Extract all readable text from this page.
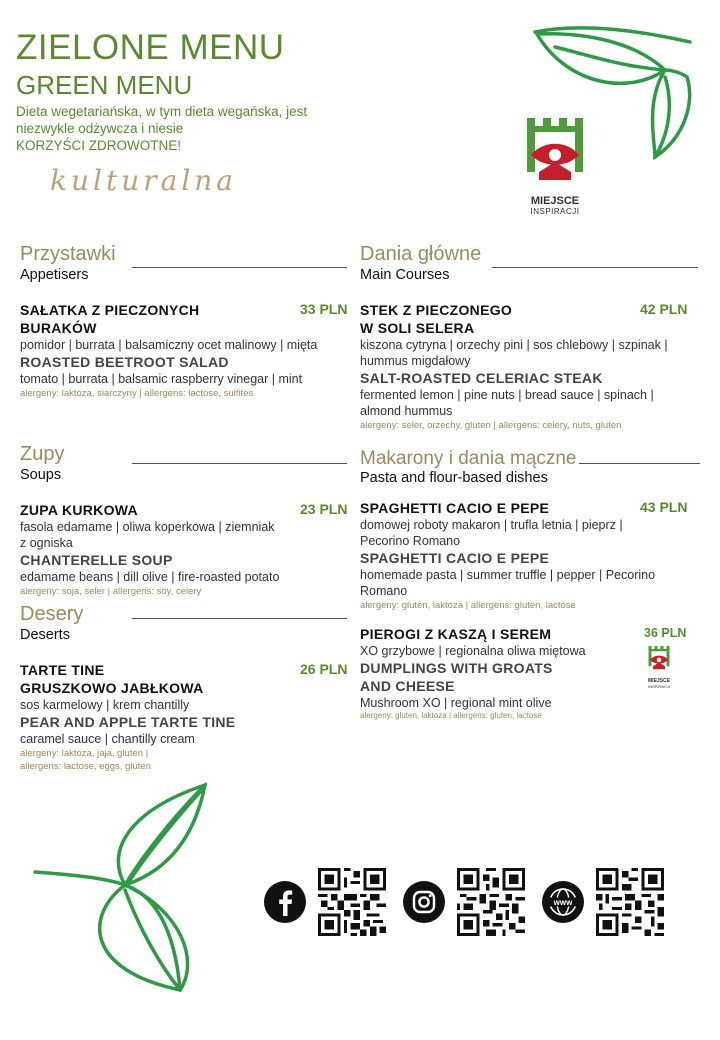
ZIELONE MENU
GREEN MENU
Dieta wegetariańska, w tym dieta wegańska, jest
niezwykle odżywcza i niesie
KORZYŚCI ZDROWOTNE!
kulturalna
MIEJSCE
INSPIRACJI
Przystawki
Appetisers
SAŁATKA Z PIECZONYCH
BURAKÓW
pomidor | burrata | balsamiczny ocet malinowy | mięta
ROASTED BEETROOT SALAD
tomato | burrata | balsamic raspberry vinegar | mint
alergeny: laktoza, siarczyny | allergens: lactose, sulfites
33 PLN
Zupy
Soups
ZUPA KURKOWA
fasola edamame | oliwa koperkowa | ziemniak
z ogniska
CHANTERELLE SOUP
edamame beans | dill olive | fire-roasted potato
alergeny: soja, seler | allergens: soy, celery
23 PLN
Desery
Deserts
TARTE TINE
GRUSZKOWO JABŁKOWA
sos karmelowy | krem chantilly
PEAR AND APPLE TARTE TINE
caramel sauce | chantilly cream
alergeny: laktoza, jaja, gluten |
allergens: lactose, eggs, gluten
26 PLN
Dania główne
Main Courses
STEK Z PIECZONEGO
W SOLI SELERA
kiszona cytryna | orzechy pini | sos chlebowy | szpinak |
hummus migdałowy
SALT-ROASTED CELERIAC STEAK
fermented lemon | pine nuts | bread sauce | spinach |
almond hummus
alergeny: seler, orzechy, gluten | allergens: celery, nuts, gluten
42 PLN
Makarony i dania mączne
Pasta and flour-based dishes
SPAGHETTI CACIO E PEPE
domowej roboty makaron | trufla letnia | pieprz |
Pecorino Romano
SPAGHETTI CACIO E PEPE
homemade pasta | summer truffle | pepper | Pecorino
Romano
alergeny: gluten, laktoza | allergens: gluten, lactose
43 PLN
PIEROGI Z KASZĄ I SEREM
XO grzybowe | regionalna oliwa miętowa
DUMPLINGS WITH GROATS
AND CHEESE
Mushroom XO | regional mint olive
alergeny: gluten, laktoza | allergens: gluten, lactose
36 PLN
MIEJSCE
INSPIRACJI
www
